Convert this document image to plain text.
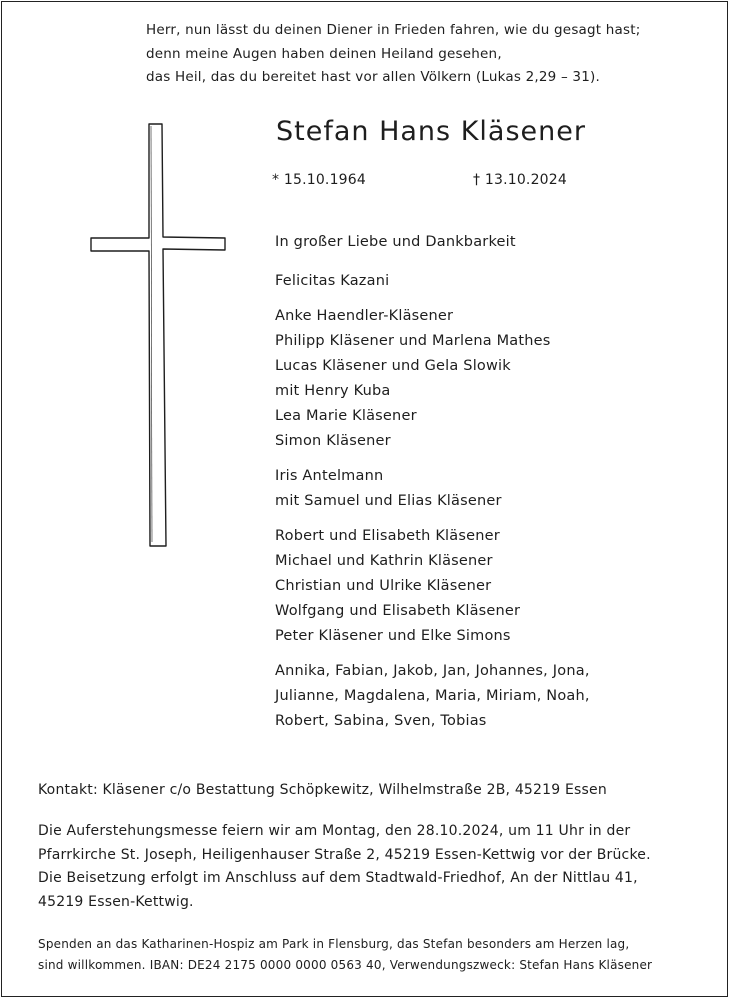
Herr, nun lässt du deinen Diener in Frieden fahren, wie du gesagt hast;
denn meine Augen haben deinen Heiland gesehen,
das Heil, das du bereitet hast vor allen Völkern (Lukas 2,29 – 31).
Stefan Hans Kläsener
* 15.10.1964	† 13.10.2024
In großer Liebe und Dankbarkeit
Felicitas Kazani
Anke Haendler-Kläsener
Philipp Kläsener und Marlena Mathes
Lucas Kläsener und Gela Slowik
mit Henry Kuba
Lea Marie Kläsener
Simon Kläsener
Iris Antelmann
mit Samuel und Elias Kläsener
Robert und Elisabeth Kläsener
Michael und Kathrin Kläsener
Christian und Ulrike Kläsener
Wolfgang und Elisabeth Kläsener
Peter Kläsener und Elke Simons
Annika, Fabian, Jakob, Jan, Johannes, Jona,
Julianne, Magdalena, Maria, Miriam, Noah,
Robert, Sabina, Sven, Tobias
Kontakt: Kläsener c/o Bestattung Schöpkewitz, Wilhelmstraße 2B, 45219 Essen
Die Auferstehungsmesse feiern wir am Montag, den 28.10.2024, um 11 Uhr in der
Pfarrkirche St. Joseph, Heiligenhauser Straße 2, 45219 Essen-Kettwig vor der Brücke.
Die Beisetzung erfolgt im Anschluss auf dem Stadtwald-Friedhof, An der Nittlau 41,
45219 Essen-Kettwig.
Spenden an das Katharinen-Hospiz am Park in Flensburg, das Stefan besonders am Herzen lag,
sind willkommen. IBAN: DE24 2175 0000 0000 0563 40, Verwendungszweck: Stefan Hans Kläsener
